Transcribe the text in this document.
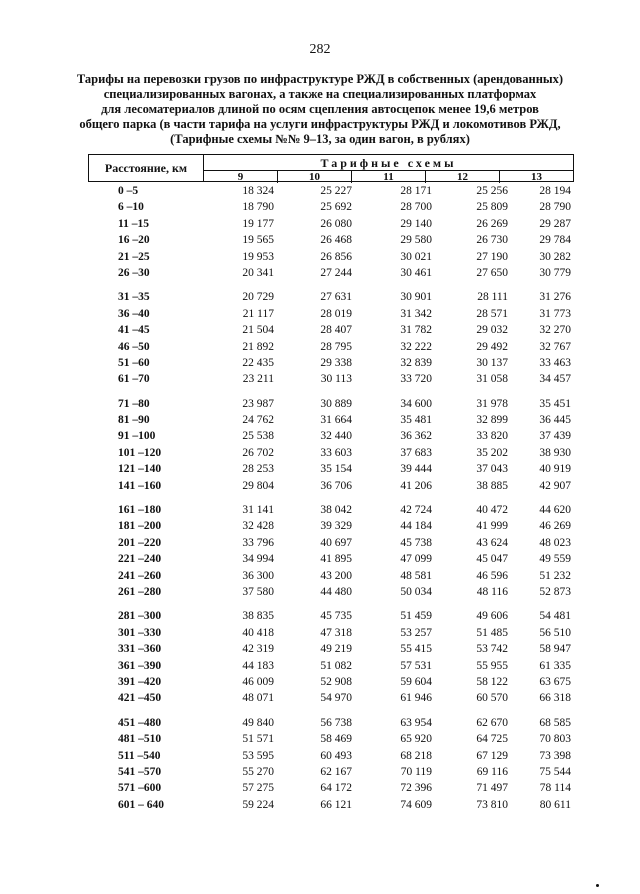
282
Тарифы на перевозки грузов по инфраструктуре РЖД в собственных (арендованных)
специализированных вагонах, а также на специализированных платформах
для лесоматериалов длиной по осям сцепления автосцепок менее 19,6 метров
общего парка (в части тарифа на услуги инфраструктуры РЖД и локомотивов РЖД,
(Тарифные схемы №№ 9–13, за один вагон, в рублях)
Расстояние, км	Тарифные схемы
9	10	11	12	13
0 –5	18 324	25 227	28 171	25 256	28 194
6 –10	18 790	25 692	28 700	25 809	28 790
11 –15	19 177	26 080	29 140	26 269	29 287
16 –20	19 565	26 468	29 580	26 730	29 784
21 –25	19 953	26 856	30 021	27 190	30 282
26 –30	20 341	27 244	30 461	27 650	30 779
31 –35	20 729	27 631	30 901	28 111	31 276
36 –40	21 117	28 019	31 342	28 571	31 773
41 –45	21 504	28 407	31 782	29 032	32 270
46 –50	21 892	28 795	32 222	29 492	32 767
51 –60	22 435	29 338	32 839	30 137	33 463
61 –70	23 211	30 113	33 720	31 058	34 457
71 –80	23 987	30 889	34 600	31 978	35 451
81 –90	24 762	31 664	35 481	32 899	36 445
91 –100	25 538	32 440	36 362	33 820	37 439
101 –120	26 702	33 603	37 683	35 202	38 930
121 –140	28 253	35 154	39 444	37 043	40 919
141 –160	29 804	36 706	41 206	38 885	42 907
161 –180	31 141	38 042	42 724	40 472	44 620
181 –200	32 428	39 329	44 184	41 999	46 269
201 –220	33 796	40 697	45 738	43 624	48 023
221 –240	34 994	41 895	47 099	45 047	49 559
241 –260	36 300	43 200	48 581	46 596	51 232
261 –280	37 580	44 480	50 034	48 116	52 873
281 –300	38 835	45 735	51 459	49 606	54 481
301 –330	40 418	47 318	53 257	51 485	56 510
331 –360	42 319	49 219	55 415	53 742	58 947
361 –390	44 183	51 082	57 531	55 955	61 335
391 –420	46 009	52 908	59 604	58 122	63 675
421 –450	48 071	54 970	61 946	60 570	66 318
451 –480	49 840	56 738	63 954	62 670	68 585
481 –510	51 571	58 469	65 920	64 725	70 803
511 –540	53 595	60 493	68 218	67 129	73 398
541 –570	55 270	62 167	70 119	69 116	75 544
571 –600	57 275	64 172	72 396	71 497	78 114
601 – 640	59 224	66 121	74 609	73 810	80 611
